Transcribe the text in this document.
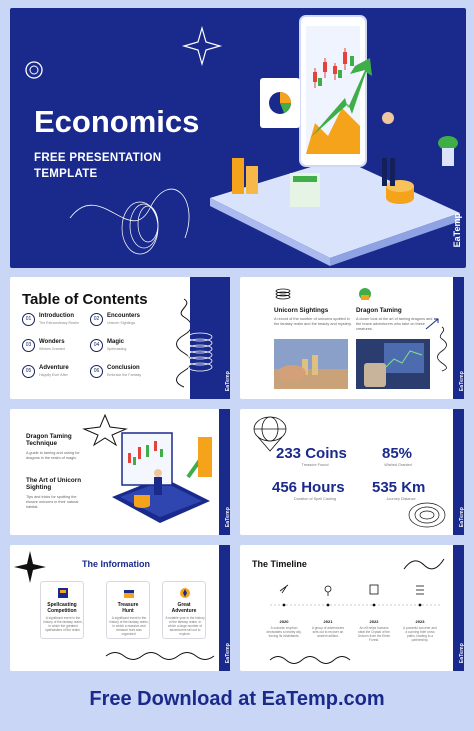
Economics
FREE PRESENTATION
TEMPLATE
EaTemp
Table of Contents
01	Introduction
The Extraordinary Realm
02	Encounters
Unicorn Sightings
03	Wonders
Wishes Granted
04	Magic
Spellcasting
05	Adventure
Happily Ever After
06	Conclusion
Embrace the Fantasy	EaTemp
Unicorn Sightings
A record of the number of unicorns spotted in the fantasy realm and the beauty and mystery.
Dragon Taming
A closer look at the art of taming dragons and the brave adventurers who take on these creatures.
EaTemp
Dragon Taming
Technique
A guide to taming and caring for dragons in the realm of magic.
The Art of Unicorn
Sighting
Tips and tricks for spotting the elusive unicorns in their natural habitat.	EaTemp
233 Coins
Treasure Found
85%
Wished Granted
456 Hours
Duration of Spell Casting
535 Km
Journey Distance
EaTemp
The Information
Spellcasting
Competition
A significant event in the history of the fantasy realm, in which the greatest spellcasters of the realm.
Treasure
Hunt
A significant event in the history of the fantasy realm, in which a massive and treasure hunt was organized.
Great
Adventure
A notable year in the history of the fantasy realm, in which a large number of adventurers set out to explore.
EaTemp
The Timeline
2020
A volcanic eruption devastates a nearby city, forcing its inhabitants.
2021
A group of adventurers sets out to recover an ancient artifact.
2022
An elf helps humans steal the Crystal of the Unicorn from the Elven Forest.
2023
A powerful sorcerer and a cunning thief cross paths, leading to a partnership.
EaTemp
Free Download at EaTemp.com
